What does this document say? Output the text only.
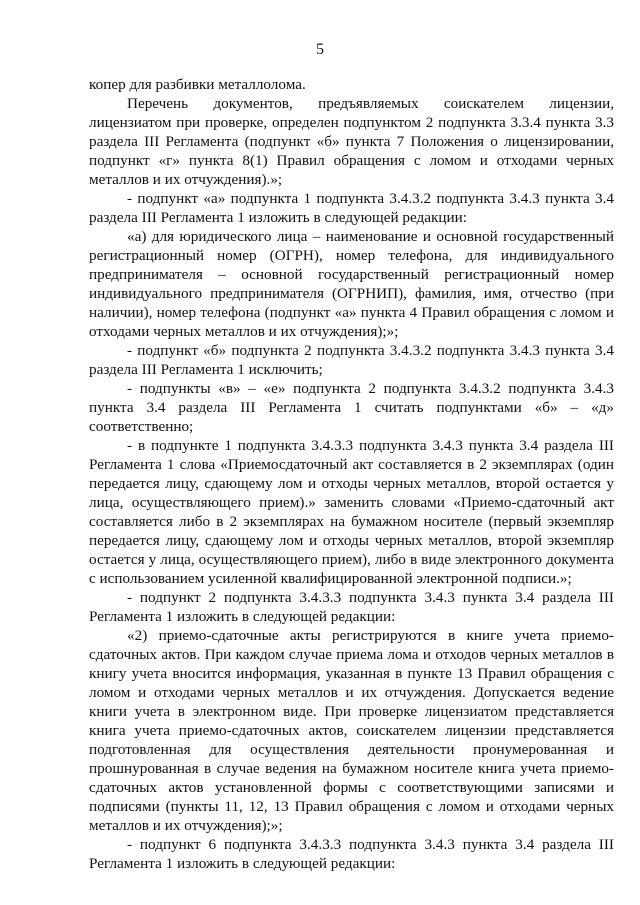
5

копер для разбивки металлолома.

Перечень документов, предъявляемых соискателем лицензии, лицензиатом при проверке, определен подпунктом 2 подпункта 3.3.4 пункта 3.3 раздела III Регламента (подпункт «б» пункта 7 Положения о лицензировании, подпункт «г» пункта 8(1) Правил обращения с ломом и отходами черных металлов и их отчуждения).»;

- подпункт «а» подпункта 1 подпункта 3.4.3.2 подпункта 3.4.3 пункта 3.4 раздела III Регламента 1 изложить в следующей редакции:

«а) для юридического лица – наименование и основной государственный регистрационный номер (ОГРН), номер телефона, для индивидуального предпринимателя – основной государственный регистрационный номер индивидуального предпринимателя (ОГРНИП), фамилия, имя, отчество (при наличии), номер телефона (подпункт «а» пункта 4 Правил обращения с ломом и отходами черных металлов и их отчуждения);»;

- подпункт «б» подпункта 2 подпункта 3.4.3.2 подпункта 3.4.3 пункта 3.4 раздела III Регламента 1 исключить;

- подпункты «в» – «е» подпункта 2 подпункта 3.4.3.2 подпункта 3.4.3 пункта 3.4 раздела III Регламента 1 считать подпунктами «б» – «д» соответственно;

- в подпункте 1 подпункта 3.4.3.3 подпункта 3.4.3 пункта 3.4 раздела III Регламента 1 слова «Приемосдаточный акт составляется в 2 экземплярах (один передается лицу, сдающему лом и отходы черных металлов, второй остается у лица, осуществляющего прием).» заменить словами «Приемо-сдаточный акт составляется либо в 2 экземплярах на бумажном носителе (первый экземпляр передается лицу, сдающему лом и отходы черных металлов, второй экземпляр остается у лица, осуществляющего прием), либо в виде электронного документа с использованием усиленной квалифицированной электронной подписи.»;

- подпункт 2 подпункта 3.4.3.3 подпункта 3.4.3 пункта 3.4 раздела III Регламента 1 изложить в следующей редакции:

«2) приемо-сдаточные акты регистрируются в книге учета приемо-сдаточных актов. При каждом случае приема лома и отходов черных металлов в книгу учета вносится информация, указанная в пункте 13 Правил обращения с ломом и отходами черных металлов и их отчуждения. Допускается ведение книги учета в электронном виде. При проверке лицензиатом представляется книга учета приемо-сдаточных актов, соискателем лицензии представляется подготовленная для осуществления деятельности пронумерованная и прошнурованная в случае ведения на бумажном носителе книга учета приемо-сдаточных актов установленной формы с соответствующими записями и подписями (пункты 11, 12, 13 Правил обращения с ломом и отходами черных металлов и их отчуждения);»;

- подпункт 6 подпункта 3.4.3.3 подпункта 3.4.3 пункта 3.4 раздела III Регламента 1 изложить в следующей редакции:
